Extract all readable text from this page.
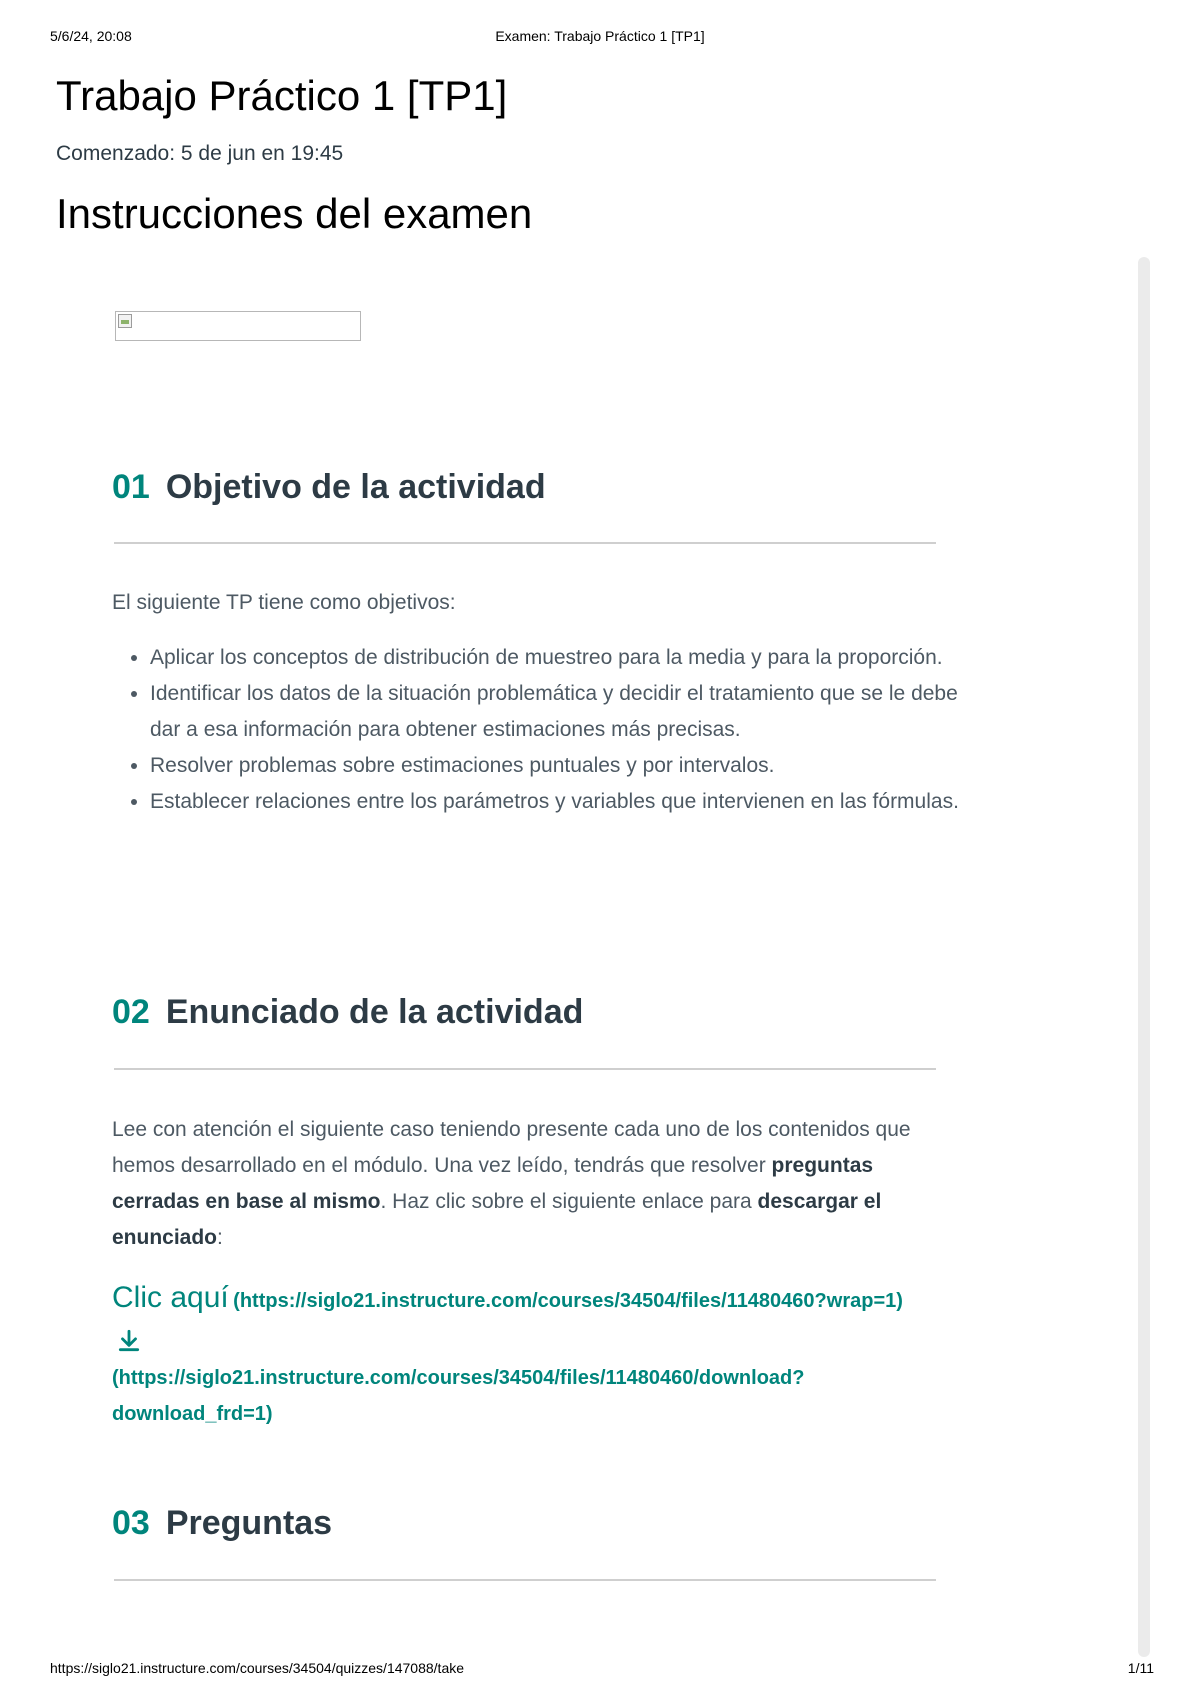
5/6/24, 20:08	Examen: Trabajo Práctico 1 [TP1]
Trabajo Práctico 1 [TP1]
Comenzado: 5 de jun en 19:45
Instrucciones del examen
01 Objetivo de la actividad
El siguiente TP tiene como objetivos:
• Aplicar los conceptos de distribución de muestreo para la media y para la proporción.
• Identificar los datos de la situación problemática y decidir el tratamiento que se le debe dar a esa información para obtener estimaciones más precisas.
• Resolver problemas sobre estimaciones puntuales y por intervalos.
• Establecer relaciones entre los parámetros y variables que intervienen en las fórmulas.
02 Enunciado de la actividad
Lee con atención el siguiente caso teniendo presente cada uno de los contenidos que hemos desarrollado en el módulo. Una vez leído, tendrás que resolver preguntas cerradas en base al mismo. Haz clic sobre el siguiente enlace para descargar el enunciado:
Clic aquí (https://siglo21.instructure.com/courses/34504/files/11480460?wrap=1)
(https://siglo21.instructure.com/courses/34504/files/11480460/download?download_frd=1)
03 Preguntas
https://siglo21.instructure.com/courses/34504/quizzes/147088/take	1/11
